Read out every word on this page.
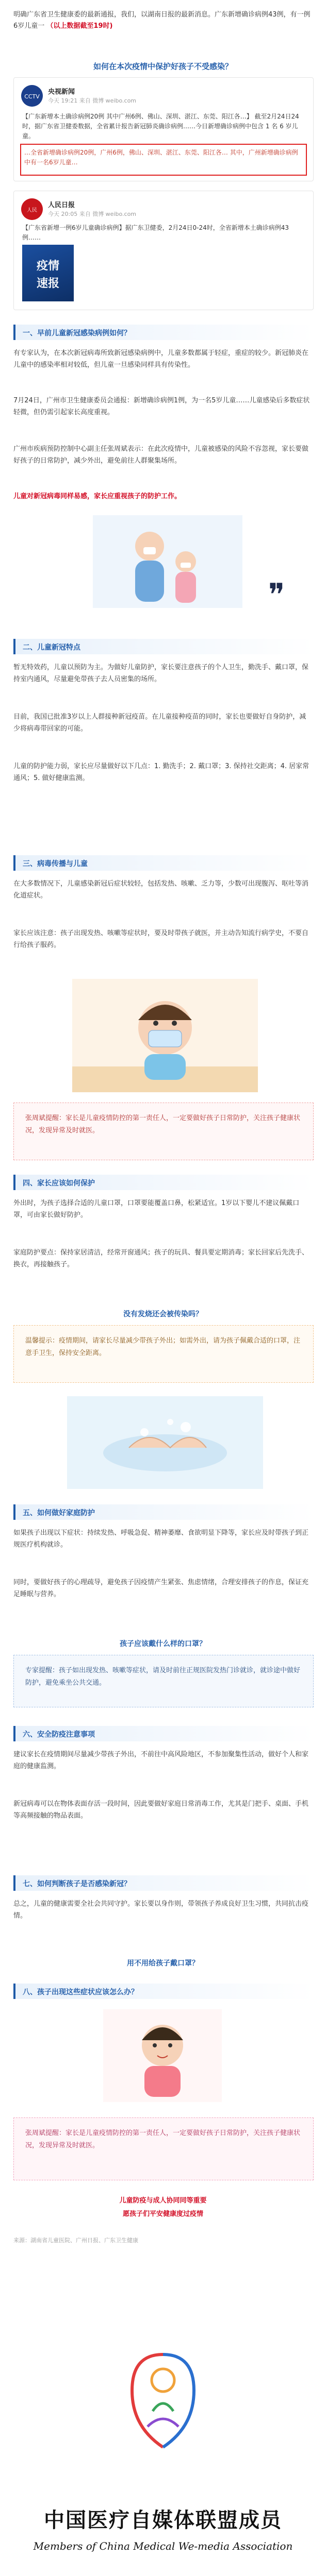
明确广东省卫生健康委的最新通报，我们，以湖南日报的最新消息。广东新增确诊病例43例，有一例6岁儿童一 （以上数据截至19时)
如何在本次疫情中保护好孩子不受感染？
CCTV
央视新闻
今天 19:21 来自 微博 weibo.com
【广东新增本土确诊病例20例 其中广州6例、佛山、深圳、湛江、东莞、阳江各…】 截至2月24日24时，据广东省卫健委数据，全省累计报告新冠肺炎确诊病例……今日新增确诊病例中包含 1 名 6 岁儿童。
…全省新增确诊病例20例，广州6例，佛山、深圳、湛江、东莞、阳江各… 其中，广州新增确诊病例中有一名6岁儿童…
人民
人民日报
今天 20:05 来自 微博 weibo.com
【广东省新增一例6岁儿童确诊病例】据广东卫健委，2月24日0-24时，全省新增本土确诊病例43例……
疫情
速报
一、早前儿童新冠感染病例如何？
有专家认为，在本次新冠病毒所致新冠感染病例中，儿童多数都属于轻症，重症的较少。新冠肺炎在儿童中的感染率相对较低，但儿童一旦感染同样具有传染性。
7月24日，广州市卫生健康委员会通报：新增确诊病例1例，为一名5岁儿童……儿童感染后多数症状轻微，但仍需引起家长高度重视。
广州市疾病预防控制中心副主任张周斌表示：在此次疫情中，儿童被感染的风险不容忽视，家长要做好孩子的日常防护，减少外出，避免前往人群聚集场所。
儿童对新冠病毒同样易感，家长应重视孩子的防护工作。
❞
二、儿童新冠特点
暂无特效药，儿童以预防为主。为做好儿童防护，家长要注意孩子的个人卫生，勤洗手、戴口罩，保持室内通风，尽量避免带孩子去人员密集的场所。
目前，我国已批准3岁以上人群接种新冠疫苗。在儿童接种疫苗的同时，家长也要做好自身防护，减少将病毒带回家的可能。
儿童的防护能力弱，家长应尽量做好以下几点：1. 勤洗手；2. 戴口罩；3. 保持社交距离；4. 居家常通风；5. 做好健康监测。
三、病毒传播与儿童
在大多数情况下，儿童感染新冠后症状较轻，包括发热、咳嗽、乏力等，少数可出现腹泻、呕吐等消化道症状。
家长应该注意：孩子出现发热、咳嗽等症状时，要及时带孩子就医，并主动告知流行病学史，不要自行给孩子服药。

张周斌提醒：家长是儿童疫情防控的第一责任人，一定要做好孩子日常防护，关注孩子健康状况，发现异常及时就医。

四、家长应该如何保护
外出时，为孩子选择合适的儿童口罩，口罩要能覆盖口鼻，松紧适宜。1岁以下婴儿不建议佩戴口罩，可由家长做好防护。
家庭防护要点：保持家居清洁，经常开窗通风；孩子的玩具、餐具要定期消毒；家长回家后先洗手、换衣，再接触孩子。
没有发烧还会被传染吗？

温馨提示：疫情期间，请家长尽量减少带孩子外出；如需外出，请为孩子佩戴合适的口罩，注意手卫生，保持安全距离。

五、如何做好家庭防护
如果孩子出现以下症状：持续发热、呼吸急促、精神萎靡、食欲明显下降等，家长应及时带孩子到正规医疗机构就诊。
同时，要做好孩子的心理疏导，避免孩子因疫情产生紧张、焦虑情绪，合理安排孩子的作息，保证充足睡眠与营养。
孩子应该戴什么样的口罩？

专家提醒：孩子如出现发热、咳嗽等症状，请及时前往正规医院发热门诊就诊，就诊途中做好防护，避免乘坐公共交通。

六、安全防疫注意事项
建议家长在疫情期间尽量减少带孩子外出，不前往中高风险地区，不参加聚集性活动，做好个人和家庭的健康监测。
新冠病毒可以在物体表面存活一段时间，因此要做好家庭日常消毒工作，尤其是门把手、桌面、手机等高频接触的物品表面。
七、如何判断孩子是否感染新冠？
总之，儿童的健康需要全社会共同守护。家长要以身作则，带领孩子养成良好卫生习惯，共同抗击疫情。
用不用给孩子戴口罩？
八、孩子出现这些症状应该怎么办？

张周斌提醒：家长是儿童疫情防控的第一责任人，一定要做好孩子日常防护，关注孩子健康状况，发现异常及时就医。

儿童防疫与成人协同同等重要
愿孩子们平安健康度过疫情
来源：湖南省儿童医院、广州日报、广东卫生健康
中国医疗自媒体联盟成员
Members of China Medical We-media Association
